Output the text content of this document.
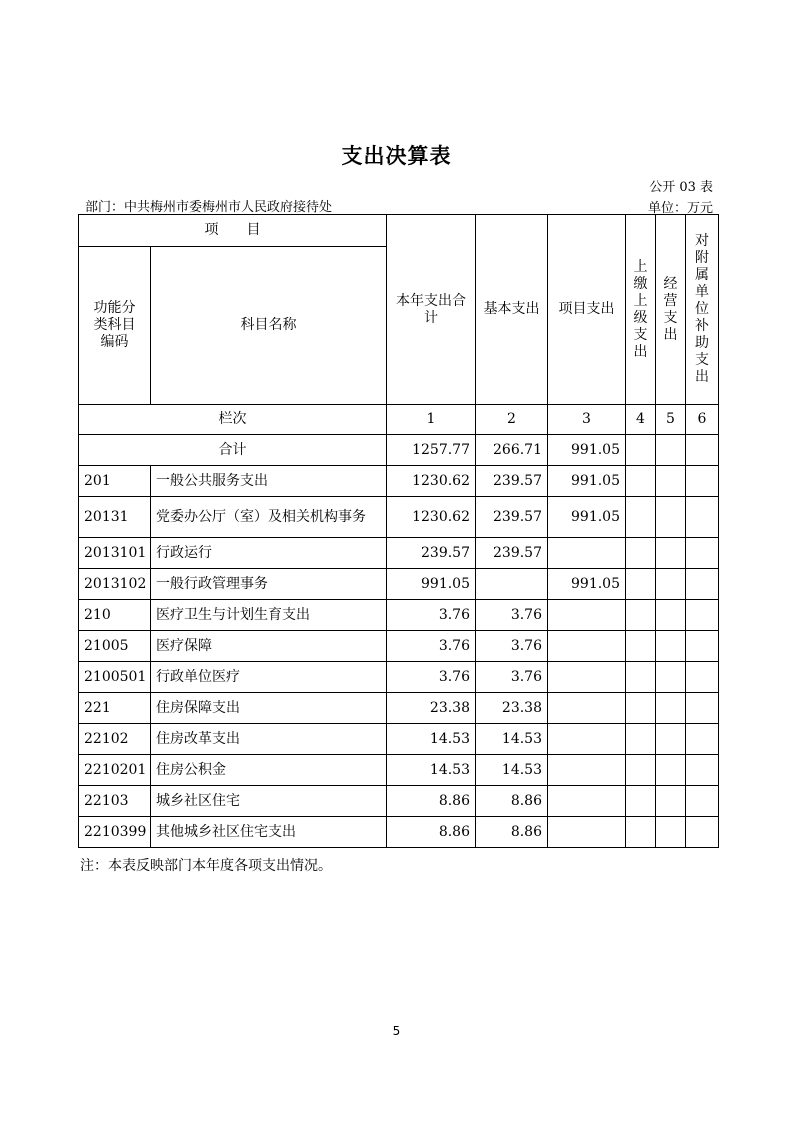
支出决算表
公开 03 表
部门：中共梅州市委梅州市人民政府接待处	单位：万元
项　　目		本年支出合计	基本支出	项目支出	上缴上级支出	经营支出	对附属单位补助支出
功能分类科目编码	科目名称						
栏次		1	2	3	4	5	6
合计		1257.77	266.71	991.05			
201	一般公共服务支出	1230.62	239.57	991.05			
20131	党委办公厅（室）及相关机构事务	1230.62	239.57	991.05			
2013101	行政运行	239.57	239.57				
2013102	一般行政管理事务	991.05		991.05			
210	医疗卫生与计划生育支出	3.76	3.76				
21005	医疗保障	3.76	3.76				
2100501	行政单位医疗	3.76	3.76				
221	住房保障支出	23.38	23.38				
22102	住房改革支出	14.53	14.53				
2210201	住房公积金	14.53	14.53				
22103	城乡社区住宅	8.86	8.86				
2210399	其他城乡社区住宅支出	8.86	8.86				
注：本表反映部门本年度各项支出情况。
5
